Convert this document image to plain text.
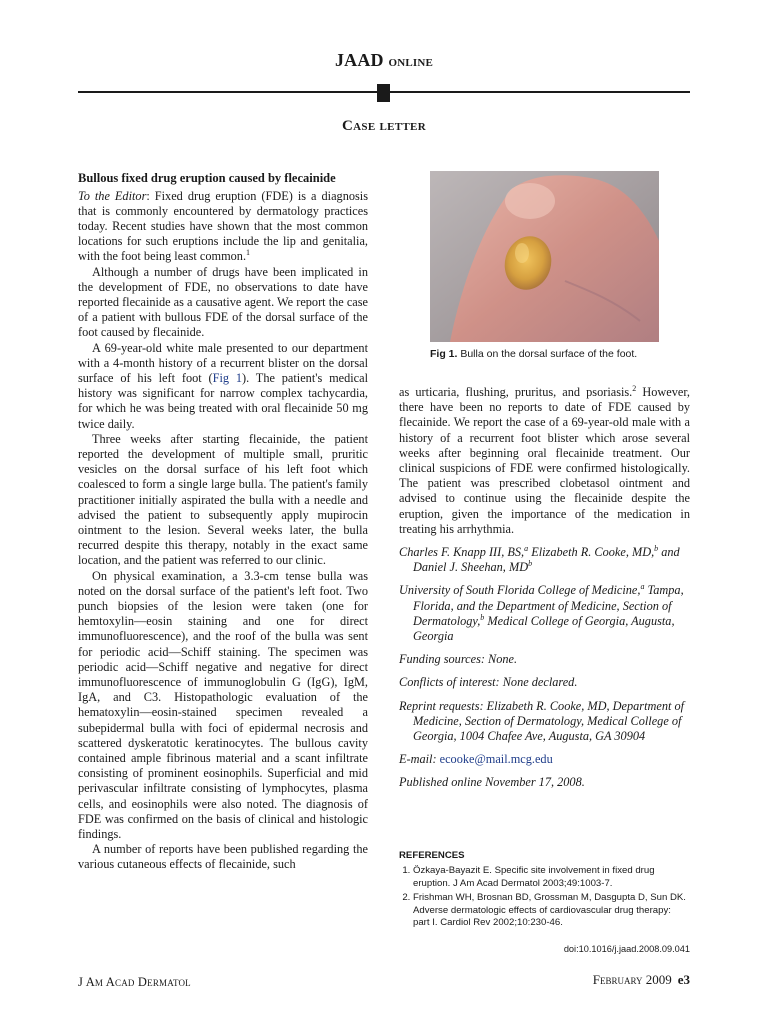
JAAD online
Case letter
Bullous fixed drug eruption caused by flecainide

To the Editor: Fixed drug eruption (FDE) is a diagnosis that is commonly encountered by dermatology practices today. Recent studies have shown that the most common locations for such eruptions include the lip and genitalia, with the foot being least common.$^1$

Although a number of drugs have been implicated in the development of FDE, no observations to date have reported flecainide as a causative agent. We report the case of a patient with bullous FDE of the dorsal surface of the foot caused by flecainide.

A 69-year-old white male presented to our department with a 4-month history of a recurrent blister on the dorsal surface of his left foot (Fig 1). The patient's medical history was significant for narrow complex tachycardia, for which he was being treated with oral flecainide 50 mg twice daily.

Three weeks after starting flecainide, the patient reported the development of multiple small, pruritic vesicles on the dorsal surface of his left foot which coalesced to form a single large bulla. The patient's family practitioner initially aspirated the bulla with a needle and advised the patient to subsequently apply mupirocin ointment to the lesion. Several weeks later, the bulla recurred despite this therapy, notably in the exact same location, and the patient was referred to our clinic.

On physical examination, a 3.3-cm tense bulla was noted on the dorsal surface of the patient's left foot. Two punch biopsies of the lesion were taken (one for hemtoxylin—eosin staining and one for direct immunofluorescence), and the roof of the bulla was sent for periodic acid—Schiff staining. The specimen was periodic acid—Schiff negative and negative for direct immunofluorescence of immunoglobulin G (IgG), IgM, IgA, and C3. Histopathologic evaluation of the hematoxylin—eosin-stained specimen revealed a subepidermal bulla with foci of epidermal necrosis and scattered dyskeratotic keratinocytes. The bullous cavity contained ample fibrinous material and a scant infiltrate consisting of prominent eosinophils. Superficial and mid perivascular infiltrate consisting of lymphocytes, plasma cells, and eosinophils were also noted. The diagnosis of FDE was confirmed on the basis of clinical and histologic findings.

A number of reports have been published regarding the various cutaneous effects of flecainide, such

Fig 1. Bulla on the dorsal surface of the foot.

as urticaria, flushing, pruritus, and psoriasis.$^2$ However, there have been no reports to date of FDE caused by flecainide. We report the case of a 69-year-old male with a history of a recurrent foot blister which arose several weeks after beginning oral flecainide treatment. Our clinical suspicions of FDE were confirmed histologically. The patient was prescribed clobetasol ointment and advised to continue using the flecainide despite the eruption, given the importance of the medication in treating his arrhythmia.

Charles F. Knapp III, BS,$^a$ Elizabeth R. Cooke, MD,$^b$ and Daniel J. Sheehan, $MD^b$

University of South Florida College of Medicine,$^a$ Tampa, Florida, and the Department of Medicine, Section of Dermatology,$^b$ Medical College of Georgia, Augusta, Georgia

Funding sources: None.

Conflicts of interest: None declared.

Reprint requests: Elizabeth R. Cooke, MD, Department of Medicine, Section of Dermatology, Medical College of Georgia, 1004 Chafee Ave, Augusta, GA 30904

E-mail: ecooke@mail.mcg.edu

Published online November 17, 2008.

REFERENCES
1. Özkaya-Bayazit E. Specific site involvement in fixed drug eruption. J Am Acad Dermatol 2003;49:1003-7.
2. Frishman WH, Brosnan BD, Grossman M, Dasgupta D, Sun DK. Adverse dermatologic effects of cardiovascular drug therapy: part I. Cardiol Rev 2002;10:230-46.
doi:10.1016/j.jaad.2008.09.041
J Am Acad Dermatol	February 2009 e3
